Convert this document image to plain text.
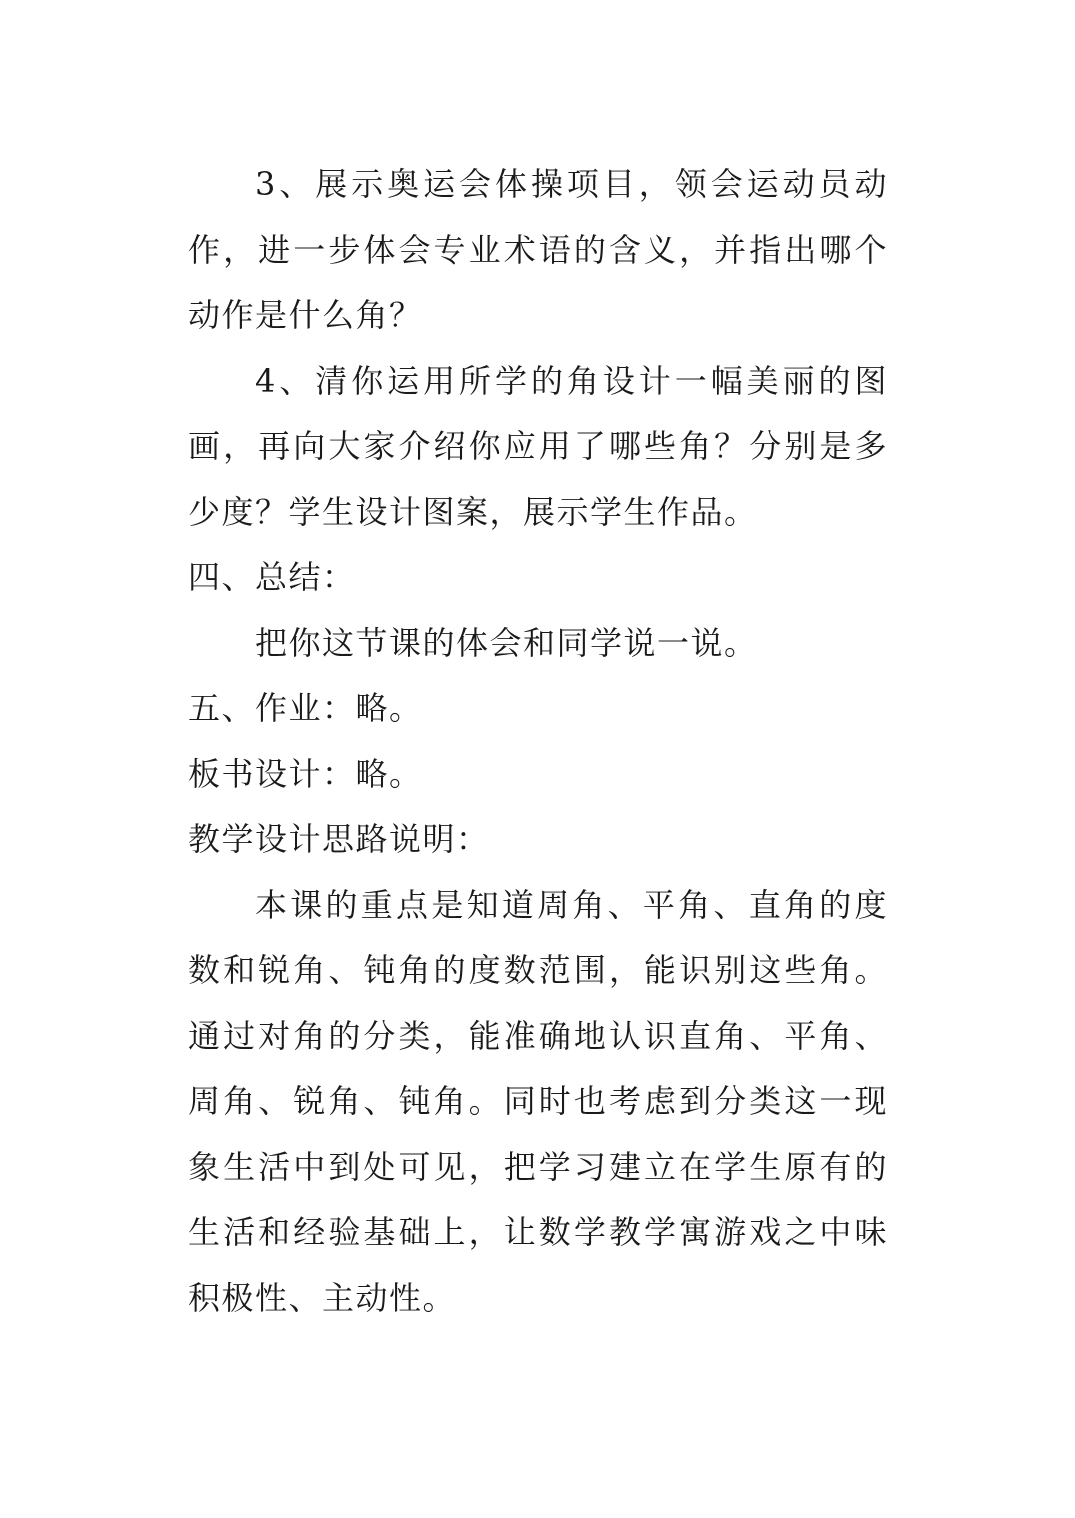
3、展示奥运会体操项目，领会运动员动作，进一步体会专业术语的含义，并指出哪个动作是什么角？

4、清你运用所学的角设计一幅美丽的图画，再向大家介绍你应用了哪些角？分别是多少度？学生设计图案，展示学生作品。

四、总结：

把你这节课的体会和同学说一说。

五、作业：略。

板书设计：略。

教学设计思路说明：

本课的重点是知道周角、平角、直角的度数和锐角、钝角的度数范围，能识别这些角。通过对角的分类，能准确地认识直角、平角、周角、锐角、钝角。同时也考虑到分类这一现象生活中到处可见，把学习建立在学生原有的生活和经验基础上，让数学教学寓游戏之中味积极性、主动性。
